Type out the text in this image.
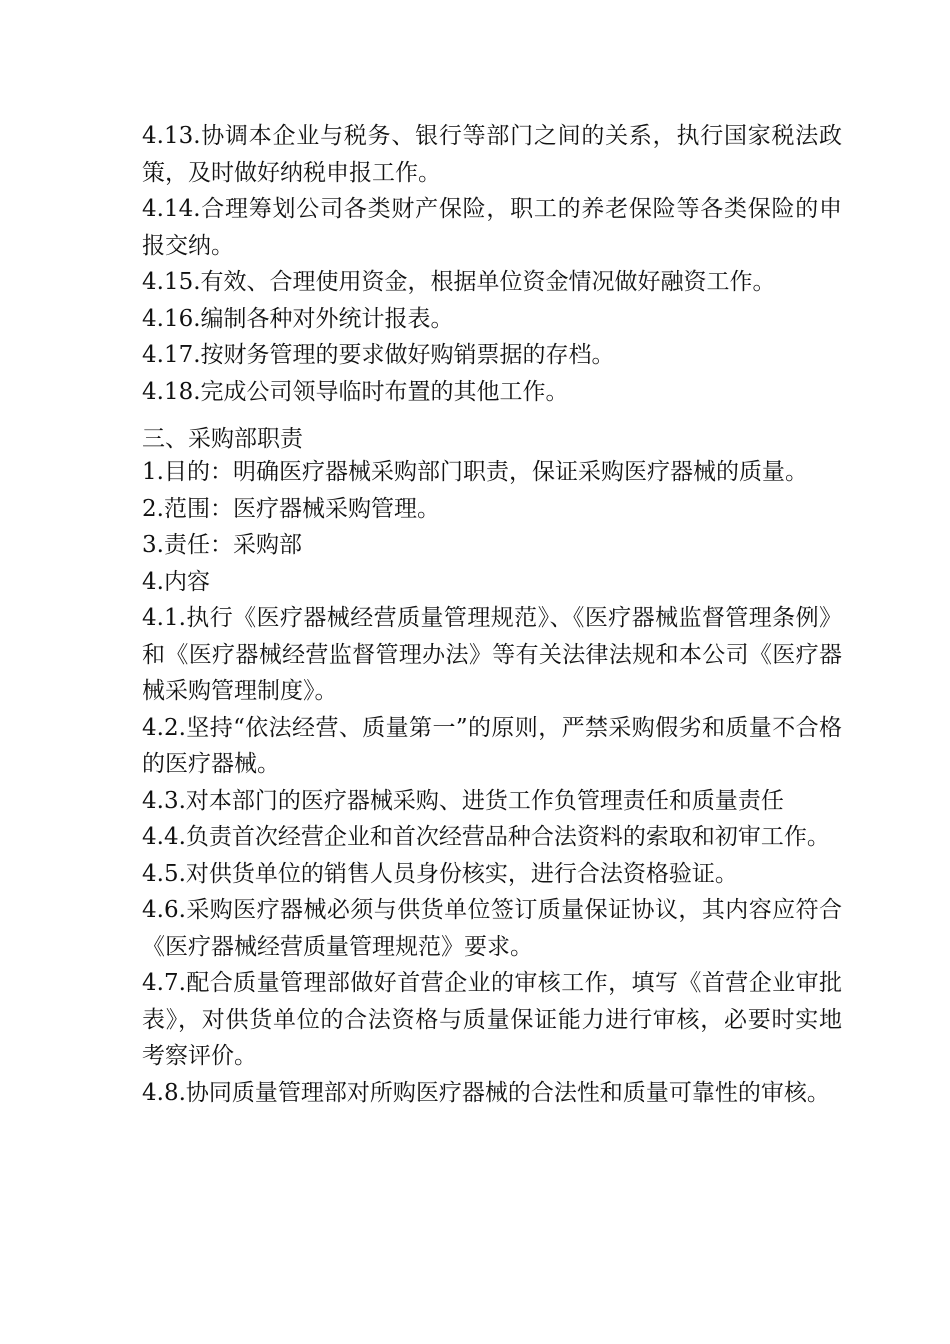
4.13.协调本企业与税务、银行等部门之间的关系，执行国家税法政策，及时做好纳税申报工作。

4.14.合理筹划公司各类财产保险，职工的养老保险等各类保险的申报交纳。

4.15.有效、合理使用资金，根据单位资金情况做好融资工作。

4.16.编制各种对外统计报表。

4.17.按财务管理的要求做好购销票据的存档。

4.18.完成公司领导临时布置的其他工作。

三、采购部职责

1.目的：明确医疗器械采购部门职责，保证采购医疗器械的质量。

2.范围：医疗器械采购管理。

3.责任：采购部

4.内容

4.1.执行《医疗器械经营质量管理规范》、《医疗器械监督管理条例》和《医疗器械经营监督管理办法》等有关法律法规和本公司《医疗器械采购管理制度》。

4.2.坚持“依法经营、质量第一”的原则，严禁采购假劣和质量不合格的医疗器械。

4.3.对本部门的医疗器械采购、进货工作负管理责任和质量责任

4.4.负责首次经营企业和首次经营品种合法资料的索取和初审工作。

4.5.对供货单位的销售人员身份核实，进行合法资格验证。

4.6.采购医疗器械必须与供货单位签订质量保证协议，其内容应符合《医疗器械经营质量管理规范》要求。

4.7.配合质量管理部做好首营企业的审核工作，填写《首营企业审批表》，对供货单位的合法资格与质量保证能力进行审核，必要时实地考察评价。

4.8.协同质量管理部对所购医疗器械的合法性和质量可靠性的审核。
